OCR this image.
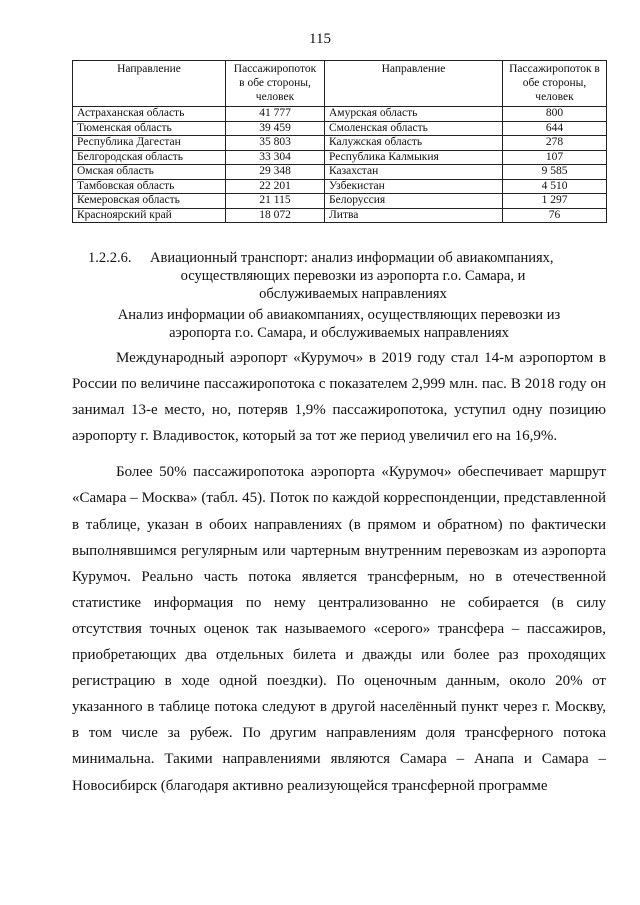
115
Направление	Пассажиропоток в обе стороны, человек	Направление	Пассажиропоток в обе стороны, человек
Астраханская область	41 777	Амурская область	800
Тюменская область	39 459	Смоленская область	644
Республика Дагестан	35 803	Калужская область	278
Белгородская область	33 304	Республика Калмыкия	107
Омская область	29 348	Казахстан	9 585
Тамбовская область	22 201	Узбекистан	4 510
Кемеровская область	21 115	Белоруссия	1 297
Красноярский край	18 072	Литва	76
1.2.2.6. Авиационный транспорт: анализ информации об авиакомпаниях,
осуществляющих перевозки из аэропорта г.о. Самара, и
обслуживаемых направлениях
Анализ информации об авиакомпаниях, осуществляющих перевозки из
аэропорта г.о. Самара, и обслуживаемых направлениях

Международный аэропорт «Курумоч» в 2019 году стал 14-м аэропортом в России по величине пассажиропотока с показателем 2,999 млн. пас. В 2018 году он занимал 13-е место, но, потеряв 1,9% пассажиропотока, уступил одну позицию аэропорту г. Владивосток, который за тот же период увеличил его на 16,9%.

Более 50% пассажиропотока аэропорта «Курумоч» обеспечивает маршрут «Самара – Москва» (табл. 45). Поток по каждой корреспонденции, представленной в таблице, указан в обоих направлениях (в прямом и обратном) по фактически выполнявшимся регулярным или чартерным внутренним перевозкам из аэропорта Курумоч. Реально часть потока является трансферным, но в отечественной статистике информация по нему централизованно не собирается (в силу отсутствия точных оценок так называемого «серого» трансфера – пассажиров, приобретающих два отдельных билета и дважды или более раз проходящих регистрацию в ходе одной поездки). По оценочным данным, около 20% от указанного в таблице потока следуют в другой населённый пункт через г. Москву, в том числе за рубеж. По другим направлениям доля трансферного потока минимальна. Такими направлениями являются Самара – Анапа и Самара – Новосибирск (благодаря активно реализующейся трансферной программе
